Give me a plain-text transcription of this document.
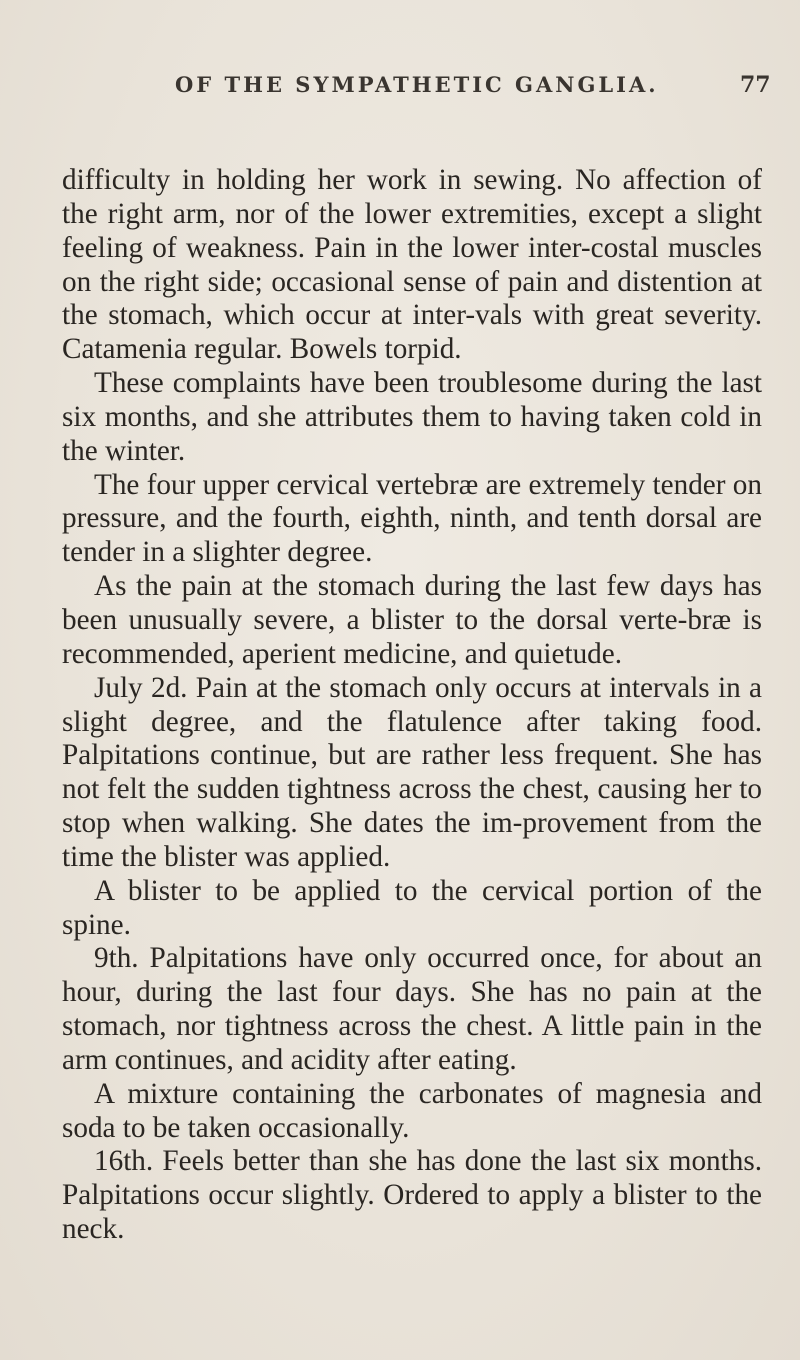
OF THE SYMPATHETIC GANGLIA.	77

difficulty in holding her work in sewing. No affection of the right arm, nor of the lower extremities, except a slight feeling of weakness. Pain in the lower inter-costal muscles on the right side; occasional sense of pain and distention at the stomach, which occur at inter-vals with great severity. Catamenia regular. Bowels torpid.

These complaints have been troublesome during the last six months, and she attributes them to having taken cold in the winter.

The four upper cervical vertebræ are extremely tender on pressure, and the fourth, eighth, ninth, and tenth dorsal are tender in a slighter degree.

As the pain at the stomach during the last few days has been unusually severe, a blister to the dorsal verte-bræ is recommended, aperient medicine, and quietude.

July 2d. Pain at the stomach only occurs at intervals in a slight degree, and the flatulence after taking food. Palpitations continue, but are rather less frequent. She has not felt the sudden tightness across the chest, causing her to stop when walking. She dates the im-provement from the time the blister was applied.

A blister to be applied to the cervical portion of the spine.

9th. Palpitations have only occurred once, for about an hour, during the last four days. She has no pain at the stomach, nor tightness across the chest. A little pain in the arm continues, and acidity after eating.

A mixture containing the carbonates of magnesia and soda to be taken occasionally.

16th. Feels better than she has done the last six months. Palpitations occur slightly. Ordered to apply a blister to the neck.
